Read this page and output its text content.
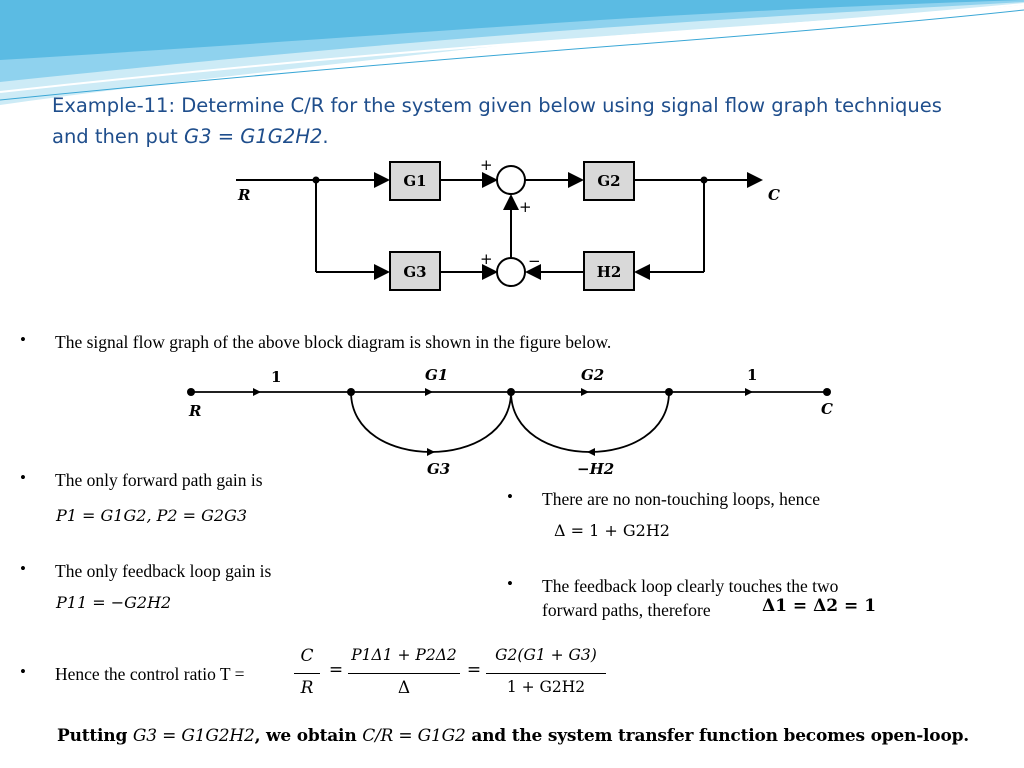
Example-11: Determine C/R for the system given below using signal flow graph techniques and then put G3 = G1G2H2.
R	C
G1	G2
G3	H2
+
+
+ −
• The signal flow graph of the above block diagram is shown in the figure below.
R	C
1	G1	G2	1
G3	−H2
• The only forward path gain is
P1 = G1G2, P2 = G2G3
• The only feedback loop gain is
P11 = −G2H2
• There are no non-touching loops, hence
Δ = 1 + G2H2
• The feedback loop clearly touches the two
forward paths, therefore	Δ1 = Δ2 = 1
• Hence the control ratio T =
C
R
=
P1Δ1 + P2Δ2
Δ
=
G2(G1 + G3)
1 + G2H2
Putting G3 = G1G2H2, we obtain C/R = G1G2 and the system transfer function becomes open-loop.
